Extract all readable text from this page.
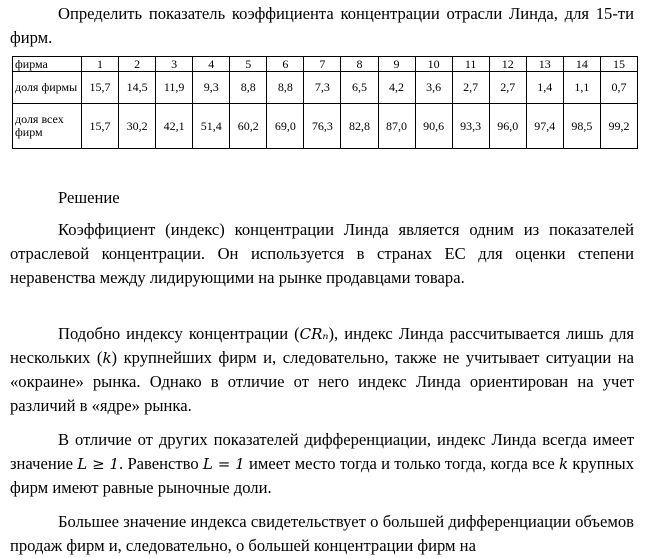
Определить показатель коэффициента концентрации отрасли Линда, для 15-ти фирм.

фирма	1	2	3	4	5	6	7	8	9	10	11	12	13	14	15
доля фирмы	15,7	14,5	11,9	9,3	8,8	8,8	7,3	6,5	4,2	3,6	2,7	2,7	1,4	1,1	0,7
доля всех фирм	15,7	30,2	42,1	51,4	60,2	69,0	76,3	82,8	87,0	90,6	93,3	96,0	97,4	98,5	99,2

Решение

Коэффициент (индекс) концентрации Линда является одним из показателей отраслевой концентрации. Он используется в странах ЕС для оценки степени неравенства между лидирующими на рынке продавцами товара.

Подобно индексу концентрации (CRₙ), индекс Линда рассчитывается лишь для нескольких (k) крупнейших фирм и, следовательно, также не учитывает ситуации на «окраине» рынка. Однако в отличие от него индекс Линда ориентирован на учет различий в «ядре» рынка.

В отличие от других показателей дифференциации, индекс Линда всегда имеет значение L ≥ 1. Равенство L = 1 имеет место тогда и только тогда, когда все k крупных фирм имеют равные рыночные доли.

Большее значение индекса свидетельствует о большей дифференциации объемов продаж фирм и, следовательно, о большей концентрации фирм на
